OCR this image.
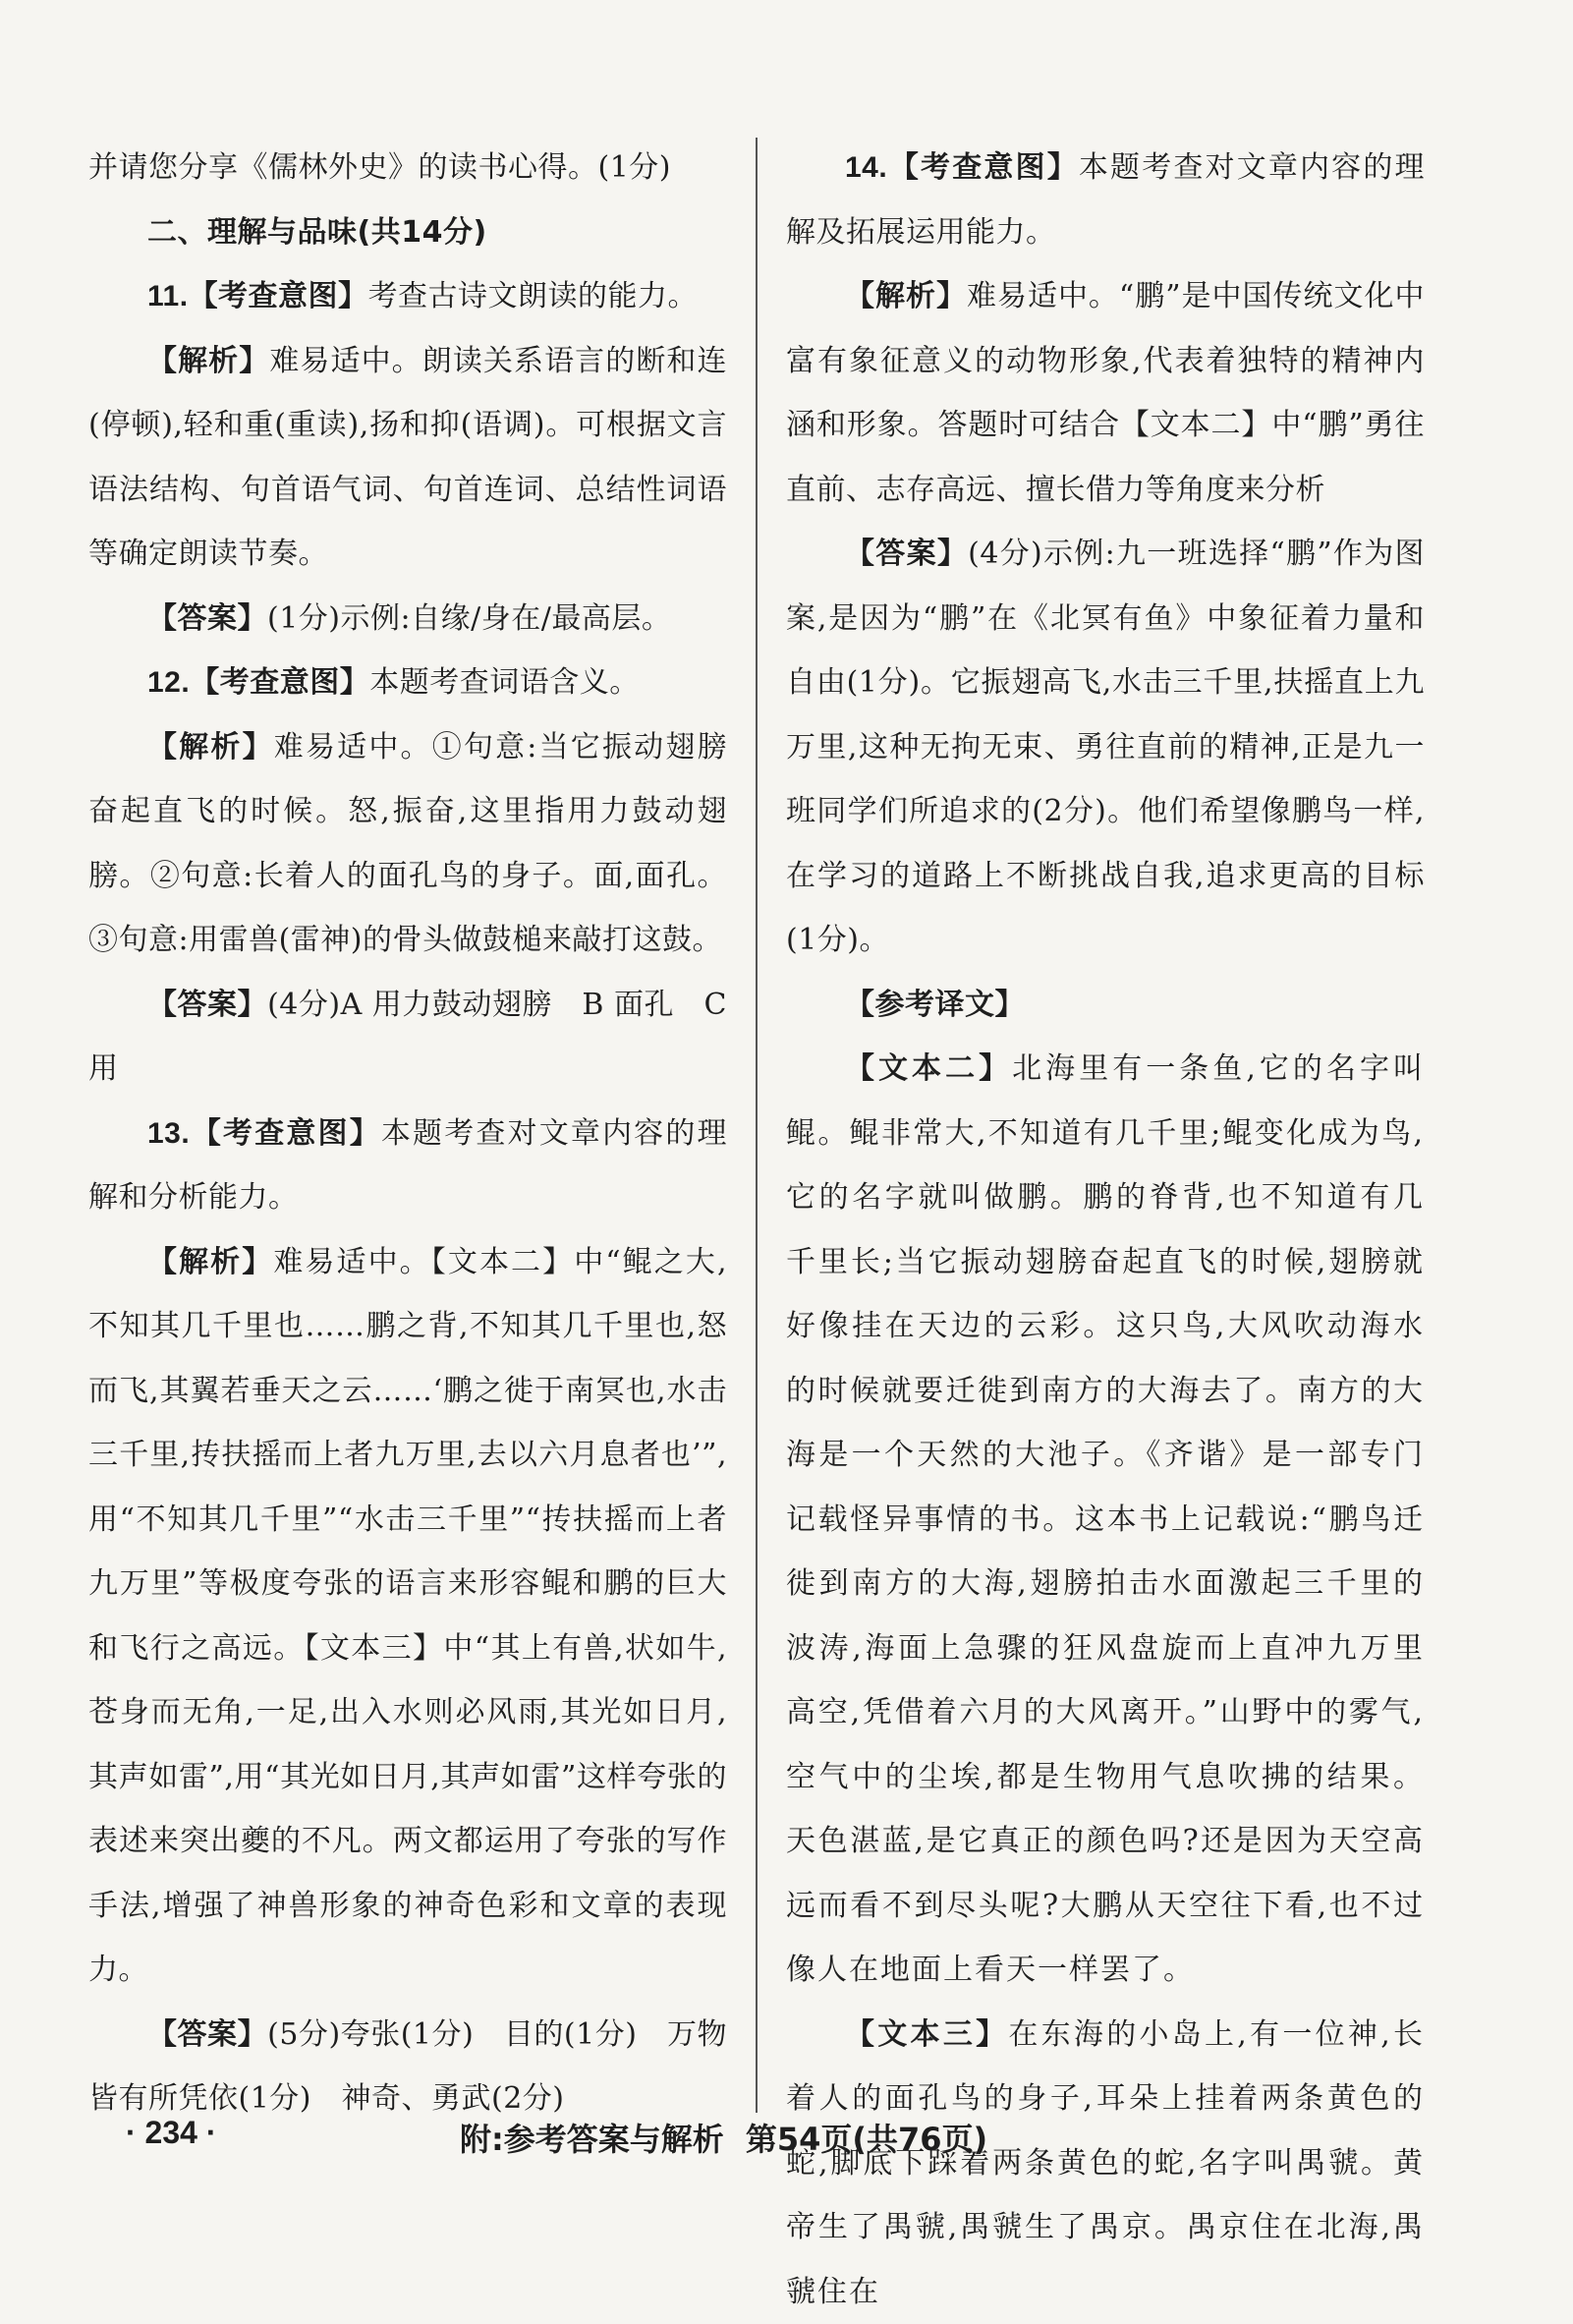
并请您分享《儒林外史》的读书心得。(1分)

二、理解与品味(共14分)

11.【考查意图】考查古诗文朗读的能力。

【解析】难易适中。朗读关系语言的断和连(停顿),轻和重(重读),扬和抑(语调)。可根据文言语法结构、句首语气词、句首连词、总结性词语等确定朗读节奏。

【答案】(1分)示例:自缘/身在/最高层。

12.【考查意图】本题考查词语含义。

【解析】难易适中。①句意:当它振动翅膀奋起直飞的时候。怒,振奋,这里指用力鼓动翅膀。②句意:长着人的面孔鸟的身子。面,面孔。③句意:用雷兽(雷神)的骨头做鼓槌来敲打这鼓。

【答案】(4分)A 用力鼓动翅膀　B 面孔　C 用

13.【考查意图】本题考查对文章内容的理解和分析能力。

【解析】难易适中。【文本二】中“鲲之大,不知其几千里也……鹏之背,不知其几千里也,怒而飞,其翼若垂天之云……‘鹏之徙于南冥也,水击三千里,抟扶摇而上者九万里,去以六月息者也’”,用“不知其几千里”“水击三千里”“抟扶摇而上者九万里”等极度夸张的语言来形容鲲和鹏的巨大和飞行之高远。【文本三】中“其上有兽,状如牛,苍身而无角,一足,出入水则必风雨,其光如日月,其声如雷”,用“其光如日月,其声如雷”这样夸张的表述来突出夔的不凡。两文都运用了夸张的写作手法,增强了神兽形象的神奇色彩和文章的表现力。

【答案】(5分)夸张(1分)　目的(1分)　万物皆有所凭依(1分)　神奇、勇武(2分)

14.【考查意图】本题考查对文章内容的理解及拓展运用能力。

【解析】难易适中。“鹏”是中国传统文化中富有象征意义的动物形象,代表着独特的精神内涵和形象。答题时可结合【文本二】中“鹏”勇往直前、志存高远、擅长借力等角度来分析

【答案】(4分)示例:九一班选择“鹏”作为图案,是因为“鹏”在《北冥有鱼》中象征着力量和自由(1分)。它振翅高飞,水击三千里,扶摇直上九万里,这种无拘无束、勇往直前的精神,正是九一班同学们所追求的(2分)。他们希望像鹏鸟一样,在学习的道路上不断挑战自我,追求更高的目标(1分)。

【参考译文】

【文本二】北海里有一条鱼,它的名字叫鲲。鲲非常大,不知道有几千里;鲲变化成为鸟,它的名字就叫做鹏。鹏的脊背,也不知道有几千里长;当它振动翅膀奋起直飞的时候,翅膀就好像挂在天边的云彩。这只鸟,大风吹动海水的时候就要迁徙到南方的大海去了。南方的大海是一个天然的大池子。《齐谐》是一部专门记载怪异事情的书。这本书上记载说:“鹏鸟迁徙到南方的大海,翅膀拍击水面激起三千里的波涛,海面上急骤的狂风盘旋而上直冲九万里高空,凭借着六月的大风离开。”山野中的雾气,空气中的尘埃,都是生物用气息吹拂的结果。天色湛蓝,是它真正的颜色吗?还是因为天空高远而看不到尽头呢?大鹏从天空往下看,也不过像人在地面上看天一样罢了。

【文本三】在东海的小岛上,有一位神,长着人的面孔鸟的身子,耳朵上挂着两条黄色的蛇,脚底下踩着两条黄色的蛇,名字叫禺虢。黄帝生了禺虢,禺虢生了禺京。禺京住在北海,禺虢住在

· 234 ·	附:参考答案与解析 第54页(共76页)
